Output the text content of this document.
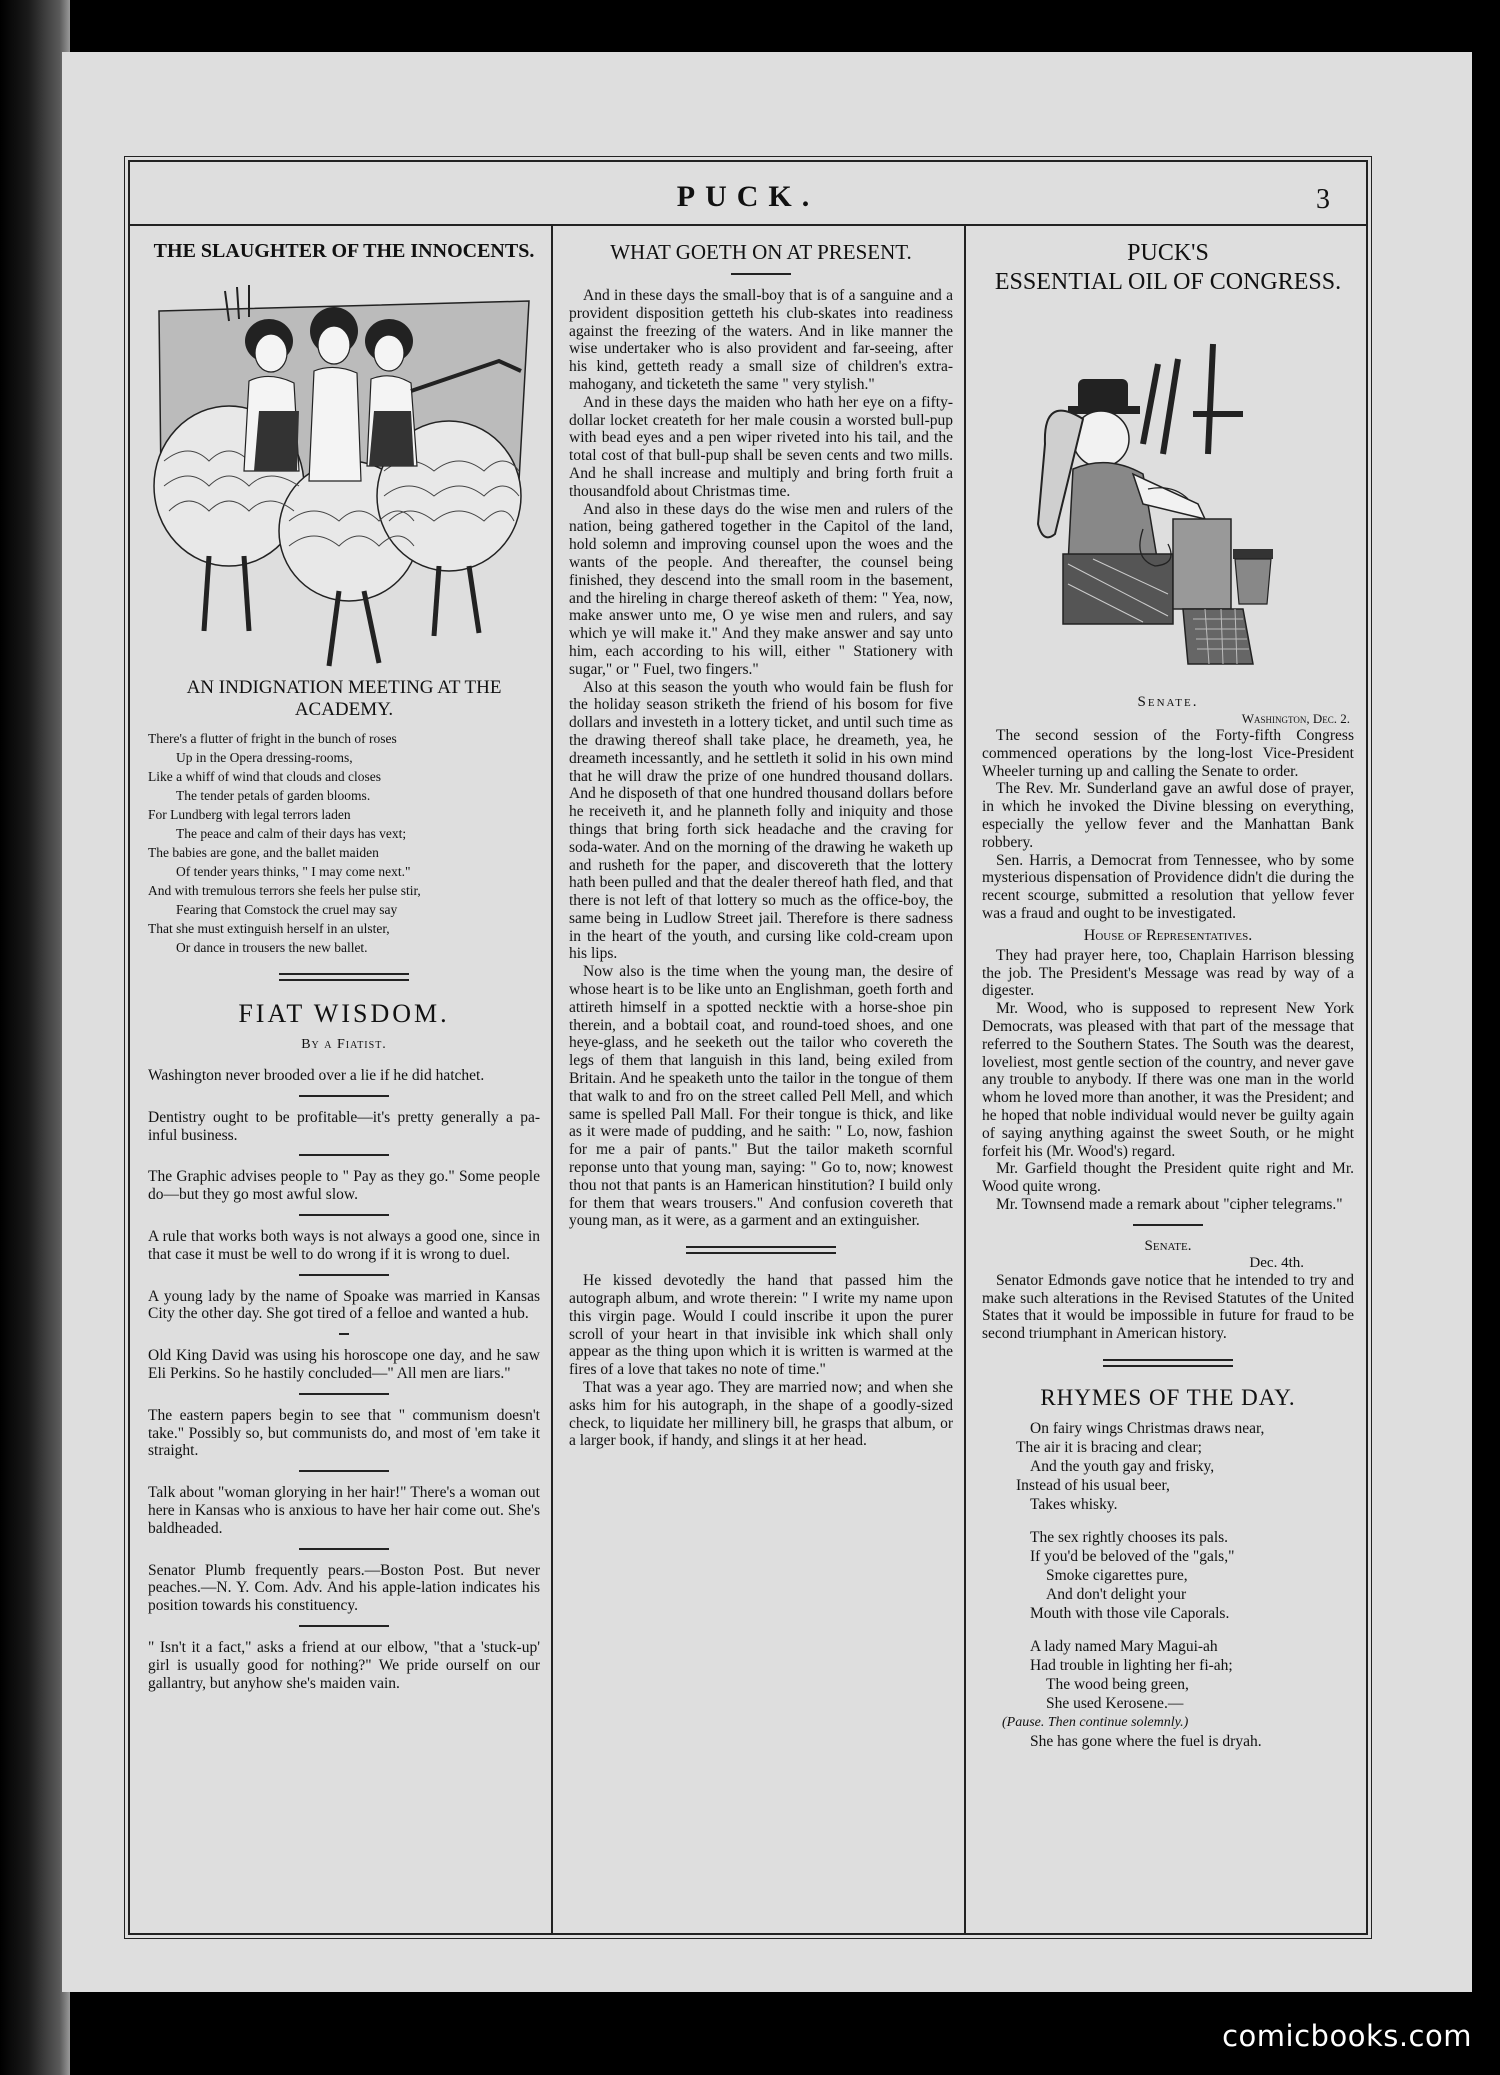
PUCK.	3
THE SLAUGHTER OF THE INNOCENTS.
AN INDIGNATION MEETING AT THE ACADEMY.

There's a flutter of fright in the bunch of roses

Up in the Opera dressing-rooms,

Like a whiff of wind that clouds and closes

The tender petals of garden blooms.

For Lundberg with legal terrors laden

The peace and calm of their days has vext;

The babies are gone, and the ballet maiden

Of tender years thinks, " I may come next."

And with tremulous terrors she feels her pulse stir,

Fearing that Comstock the cruel may say

That she must extinguish herself in an ulster,

Or dance in trousers the new ballet.

FIAT WISDOM.
By a Fiatist.

Washington never brooded over a lie if he did hatchet.

Dentistry ought to be profitable—it's pretty generally a pa-inful business.

The Graphic advises people to " Pay as they go." Some people do—but they go most awful slow.

A rule that works both ways is not always a good one, since in that case it must be well to do wrong if it is wrong to duel.

A young lady by the name of Spoake was married in Kansas City the other day. She got tired of a felloe and wanted a hub.

Old King David was using his horoscope one day, and he saw Eli Perkins. So he hastily concluded—" All men are liars."

The eastern papers begin to see that " communism doesn't take." Possibly so, but communists do, and most of 'em take it straight.

Talk about "woman glorying in her hair!" There's a woman out here in Kansas who is anxious to have her hair come out. She's baldheaded.

Senator Plumb frequently pears.—Boston Post. But never peaches.—N. Y. Com. Adv. And his apple-lation indicates his position towards his constituency.

" Isn't it a fact," asks a friend at our elbow, "that a 'stuck-up' girl is usually good for nothing?" We pride ourself on our gallantry, but anyhow she's maiden vain.

WHAT GOETH ON AT PRESENT.

And in these days the small-boy that is of a sanguine and a provident disposition getteth his club-skates into readiness against the freezing of the waters. And in like manner the wise undertaker who is also provident and far-seeing, after his kind, getteth ready a small size of children's extra-mahogany, and ticketeth the same " very stylish."

And in these days the maiden who hath her eye on a fifty-dollar locket createth for her male cousin a worsted bull-pup with bead eyes and a pen wiper riveted into his tail, and the total cost of that bull-pup shall be seven cents and two mills. And he shall increase and multiply and bring forth fruit a thousandfold about Christmas time.

And also in these days do the wise men and rulers of the nation, being gathered together in the Capitol of the land, hold solemn and improving counsel upon the woes and the wants of the people. And thereafter, the counsel being finished, they descend into the small room in the basement, and the hireling in charge thereof asketh of them: " Yea, now, make answer unto me, O ye wise men and rulers, and say which ye will make it." And they make answer and say unto him, each according to his will, either " Stationery with sugar," or " Fuel, two fingers."

Also at this season the youth who would fain be flush for the holiday season striketh the friend of his bosom for five dollars and investeth in a lottery ticket, and until such time as the drawing thereof shall take place, he dreameth, yea, he dreameth incessantly, and he settleth it solid in his own mind that he will draw the prize of one hundred thousand dollars. And he disposeth of that one hundred thousand dollars before he receiveth it, and he planneth folly and iniquity and those things that bring forth sick headache and the craving for soda-water. And on the morning of the drawing he waketh up and rusheth for the paper, and discovereth that the lottery hath been pulled and that the dealer thereof hath fled, and that there is not left of that lottery so much as the office-boy, the same being in Ludlow Street jail. Therefore is there sadness in the heart of the youth, and cursing like cold-cream upon his lips.

Now also is the time when the young man, the desire of whose heart is to be like unto an Englishman, goeth forth and attireth himself in a spotted necktie with a horse-shoe pin therein, and a bobtail coat, and round-toed shoes, and one heye-glass, and he seeketh out the tailor who covereth the legs of them that languish in this land, being exiled from Britain. And he speaketh unto the tailor in the tongue of them that walk to and fro on the street called Pell Mell, and which same is spelled Pall Mall. For their tongue is thick, and like as it were made of pudding, and he saith: " Lo, now, fashion for me a pair of pants." But the tailor maketh scornful reponse unto that young man, saying: " Go to, now; knowest thou not that pants is an Hamerican hinstitution? I build only for them that wears trousers." And confusion covereth that young man, as it were, as a garment and an extinguisher.

He kissed devotedly the hand that passed him the autograph album, and wrote therein: " I write my name upon this virgin page. Would I could inscribe it upon the purer scroll of your heart in that invisible ink which shall only appear as the thing upon which it is written is warmed at the fires of a love that takes no note of time."

That was a year ago. They are married now; and when she asks him for his autograph, in the shape of a goodly-sized check, to liquidate her millinery bill, he grasps that album, or a larger book, if handy, and slings it at her head.

PUCK'S
ESSENTIAL OIL OF CONGRESS.
Senate.
Washington, Dec. 2.

The second session of the Forty-fifth Congress commenced operations by the long-lost Vice-President Wheeler turning up and calling the Senate to order.

The Rev. Mr. Sunderland gave an awful dose of prayer, in which he invoked the Divine blessing on everything, especially the yellow fever and the Manhattan Bank robbery.

Sen. Harris, a Democrat from Tennessee, who by some mysterious dispensation of Providence didn't die during the recent scourge, submitted a resolution that yellow fever was a fraud and ought to be investigated.

House of Representatives.

They had prayer here, too, Chaplain Harrison blessing the job. The President's Message was read by way of a digester.

Mr. Wood, who is supposed to represent New York Democrats, was pleased with that part of the message that referred to the Southern States. The South was the dearest, loveliest, most gentle section of the country, and never gave any trouble to anybody. If there was one man in the world whom he loved more than another, it was the President; and he hoped that noble individual would never be guilty again of saying anything against the sweet South, or he might forfeit his (Mr. Wood's) regard.

Mr. Garfield thought the President quite right and Mr. Wood quite wrong.

Mr. Townsend made a remark about "cipher telegrams."

Senate.
Dec. 4th.

Senator Edmonds gave notice that he intended to try and make such alterations in the Revised Statutes of the United States that it would be impossible in future for fraud to be second triumphant in American history.

RHYMES OF THE DAY.

On fairy wings Christmas draws near,

The air it is bracing and clear;

And the youth gay and frisky,

Instead of his usual beer,

Takes whisky.

The sex rightly chooses its pals.

If you'd be beloved of the "gals,"

Smoke cigarettes pure,

And don't delight your

Mouth with those vile Caporals.

A lady named Mary Magui-ah

Had trouble in lighting her fi-ah;

The wood being green,

She used Kerosene.—

(Pause. Then continue solemnly.)

She has gone where the fuel is dryah.

comicbooks.com
